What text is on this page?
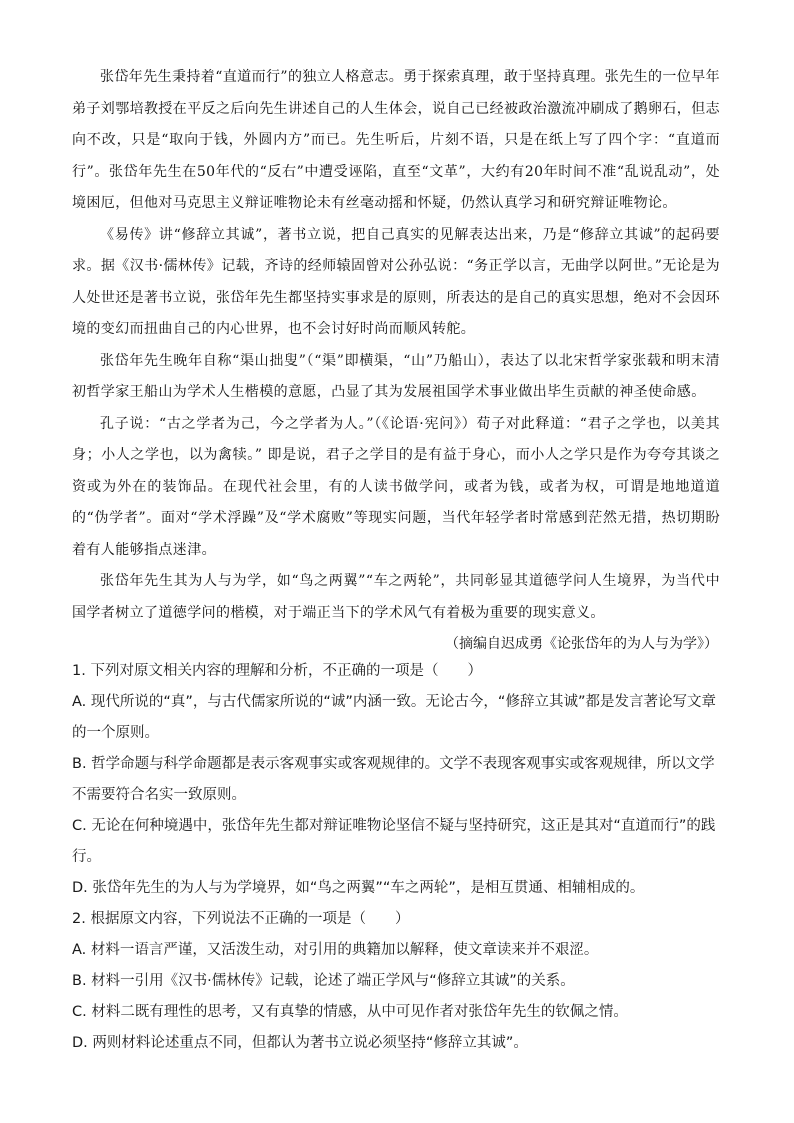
张岱年先生秉持着“直道而行”的独立人格意志。勇于探索真理，敢于坚持真理。张先生的一位早年弟子刘鄂培教授在平反之后向先生讲述自己的人生体会，说自己已经被政治激流冲刷成了鹅卵石，但志向不改，只是“取向于钱，外圆内方”而已。先生听后，片刻不语，只是在纸上写了四个字：“直道而行”。张岱年先生在50年代的“反右”中遭受诬陷，直至“文革”，大约有20年时间不准“乱说乱动”，处境困厄，但他对马克思主义辩证唯物论未有丝毫动摇和怀疑，仍然认真学习和研究辩证唯物论。

《易传》讲“修辞立其诚”，著书立说，把自己真实的见解表达出来，乃是“修辞立其诚”的起码要求。据《汉书·儒林传》记载，齐诗的经师辕固曾对公孙弘说：“务正学以言，无曲学以阿世。”无论是为人处世还是著书立说，张岱年先生都坚持实事求是的原则，所表达的是自己的真实思想，绝对不会因环境的变幻而扭曲自己的内心世界，也不会讨好时尚而顺风转舵。

张岱年先生晚年自称“渠山拙叟”（“渠”即横渠，“山”乃船山），表达了以北宋哲学家张载和明末清初哲学家王船山为学术人生楷模的意愿，凸显了其为发展祖国学术事业做出毕生贡献的神圣使命感。

孔子说：“古之学者为己，今之学者为人。”（《论语·宪问》）荀子对此释道：“君子之学也，以美其身；小人之学也，以为禽犊。” 即是说，君子之学目的是有益于身心，而小人之学只是作为夸夸其谈之资或为外在的装饰品。在现代社会里，有的人读书做学问，或者为钱，或者为权，可谓是地地道道的“伪学者”。面对“学术浮躁”及“学术腐败”等现实问题，当代年轻学者时常感到茫然无措，热切期盼着有人能够指点迷津。

张岱年先生其为人与为学，如“鸟之两翼”“车之两轮”，共同彰显其道德学问人生境界，为当代中国学者树立了道德学问的楷模，对于端正当下的学术风气有着极为重要的现实意义。

（摘编自迟成勇《论张岱年的为人与为学》）

1. 下列对原文相关内容的理解和分析，不正确的一项是（　　）

A. 现代所说的“真”，与古代儒家所说的“诚”内涵一致。无论古今，“修辞立其诚”都是发言著论写文章的一个原则。

B. 哲学命题与科学命题都是表示客观事实或客观规律的。文学不表现客观事实或客观规律，所以文学不需要符合名实一致原则。

C. 无论在何种境遇中，张岱年先生都对辩证唯物论坚信不疑与坚持研究，这正是其对“直道而行”的践行。

D. 张岱年先生的为人与为学境界，如“鸟之两翼”“车之两轮”，是相互贯通、相辅相成的。

2. 根据原文内容，下列说法不正确的一项是（　　）

A. 材料一语言严谨，又活泼生动，对引用的典籍加以解释，使文章读来并不艰涩。

B. 材料一引用《汉书·儒林传》记载，论述了端正学风与“修辞立其诚”的关系。

C. 材料二既有理性的思考，又有真挚的情感，从中可见作者对张岱年先生的钦佩之情。

D. 两则材料论述重点不同，但都认为著书立说必须坚持“修辞立其诚”。
